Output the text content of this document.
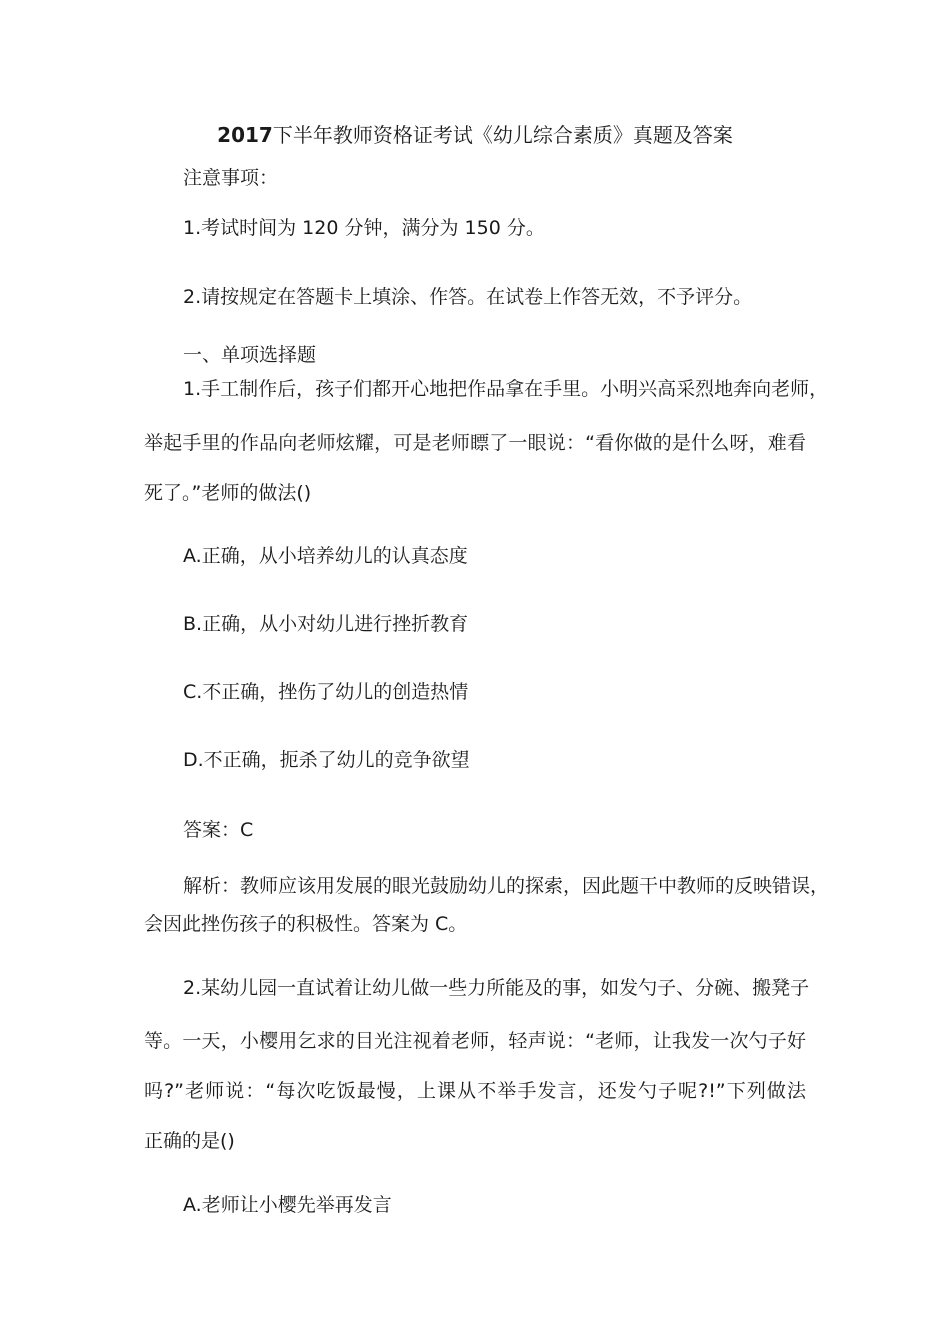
2017下半年教师资格证考试《幼儿综合素质》真题及答案
注意事项：
1.考试时间为 120 分钟，满分为 150 分。
2.请按规定在答题卡上填涂、作答。在试卷上作答无效，不予评分。
一、单项选择题
1.手工制作后，孩子们都开心地把作品拿在手里。小明兴高采烈地奔向老师，
举起手里的作品向老师炫耀，可是老师瞟了一眼说：“看你做的是什么呀，难看
死了。”老师的做法()
A.正确，从小培养幼儿的认真态度
B.正确，从小对幼儿进行挫折教育
C.不正确，挫伤了幼儿的创造热情
D.不正确，扼杀了幼儿的竞争欲望
答案：C
解析：教师应该用发展的眼光鼓励幼儿的探索，因此题干中教师的反映错误，
会因此挫伤孩子的积极性。答案为 C。
2.某幼儿园一直试着让幼儿做一些力所能及的事，如发勺子、分碗、搬凳子
等。一天，小樱用乞求的目光注视着老师，轻声说：“老师，让我发一次勺子好
吗?”老师说：“每次吃饭最慢，上课从不举手发言，还发勺子呢?!”下列做法
正确的是()
A.老师让小樱先举再发言
